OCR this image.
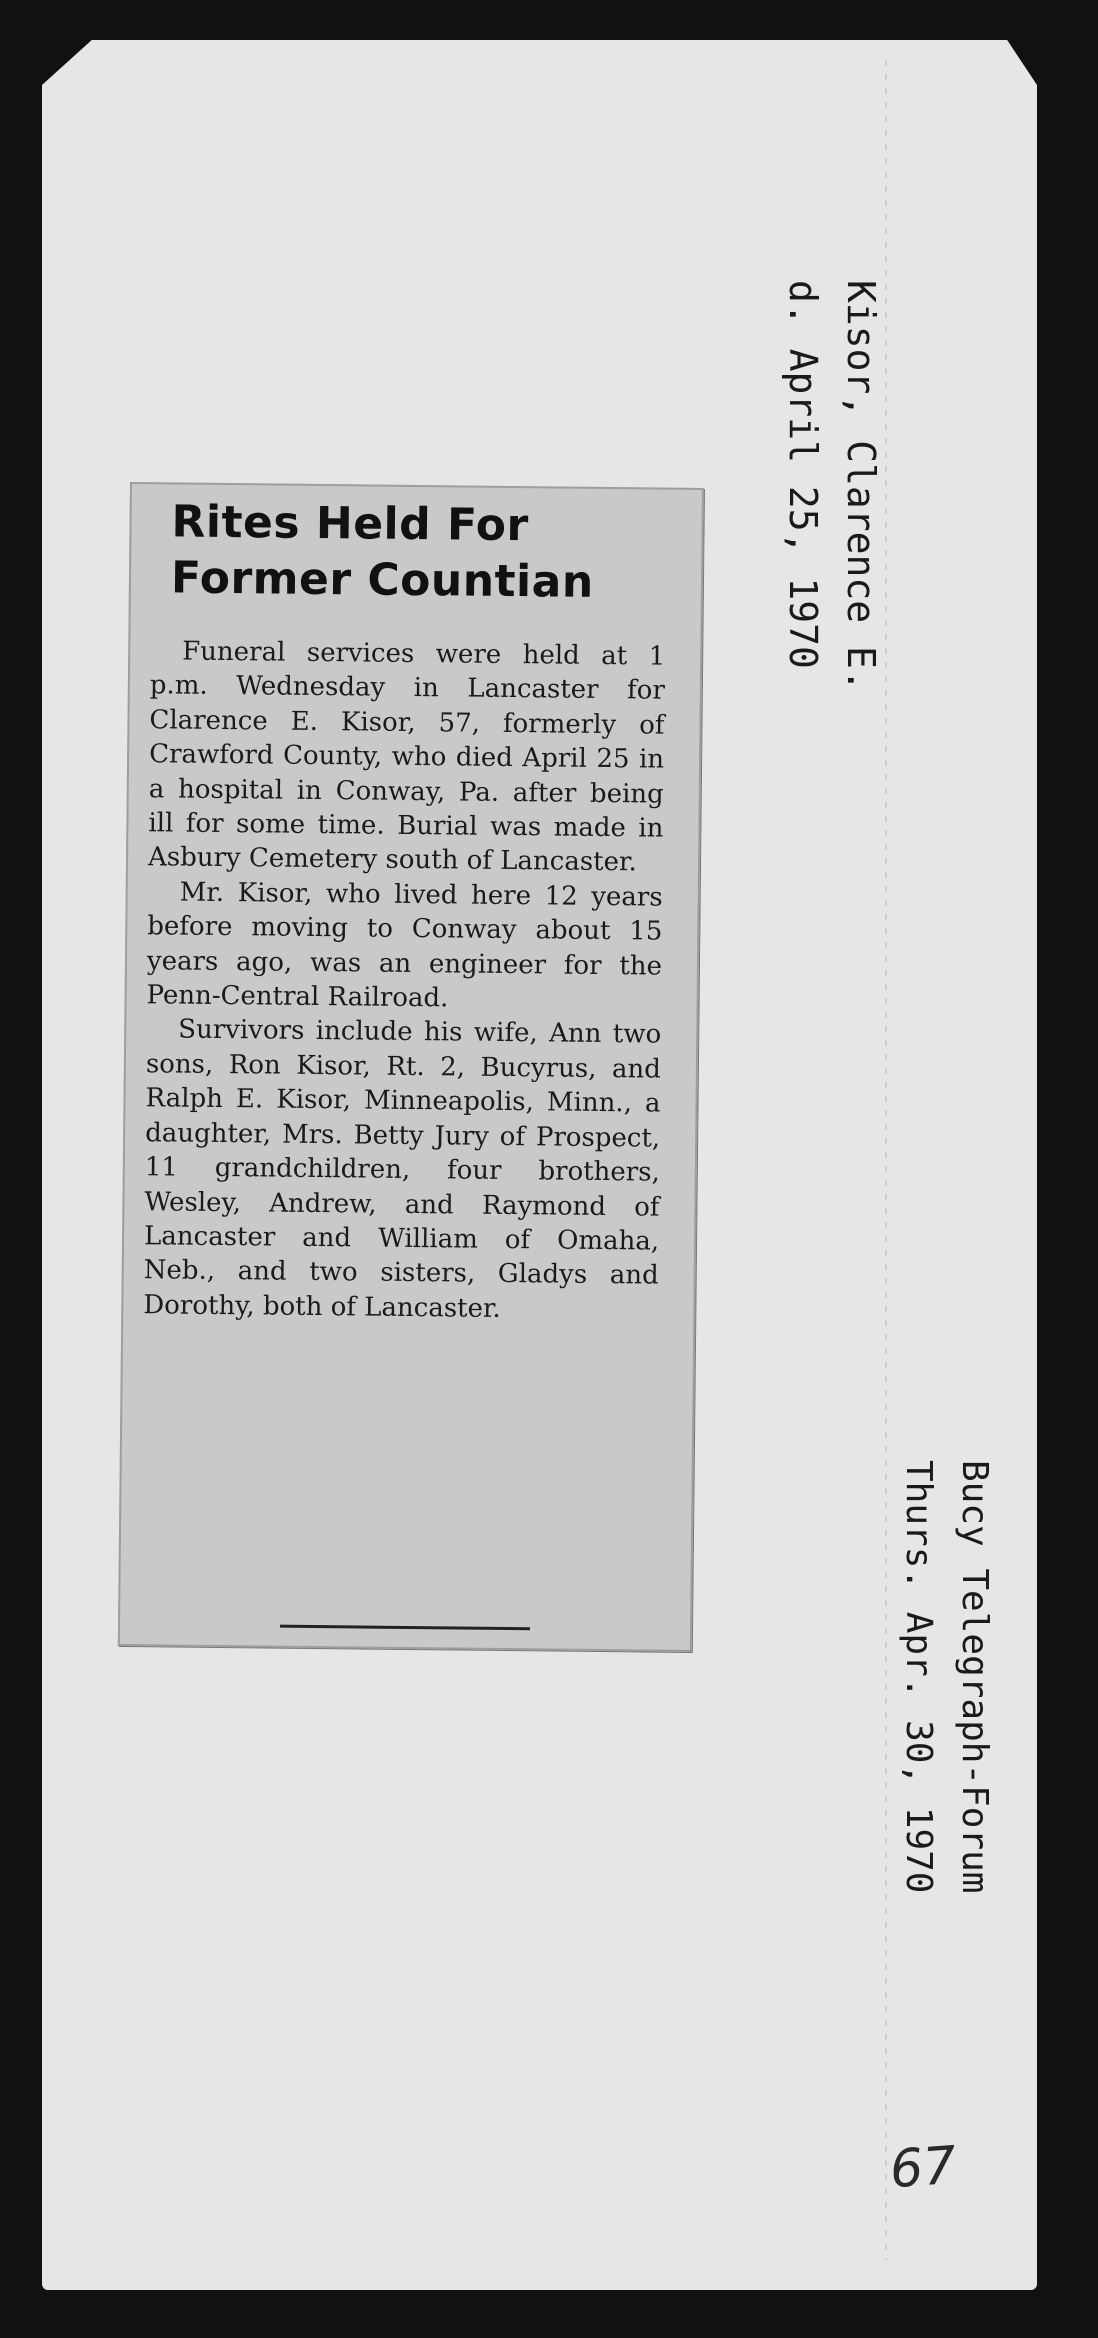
Rites Held For
Former Countian

Funeral services were held at 1 p.m. Wednesday in Lancaster for Clarence E. Kisor, 57, formerly of Crawford County, who died April 25 in a hospital in Conway, Pa. after being ill for some time. Burial was made in Asbury Cemetery south of Lancaster.

Mr. Kisor, who lived here 12 years before moving to Conway about 15 years ago, was an engineer for the Penn-Central Railroad.

Survivors include his wife, Ann two sons, Ron Kisor, Rt. 2, Bucyrus, and Ralph E. Kisor, Minneapolis, Minn., a daughter, Mrs. Betty Jury of Prospect, 11 grandchildren, four brothers, Wesley, Andrew, and Raymond of Lancaster and William of Omaha, Neb., and two sisters, Gladys and Dorothy, both of Lancaster.

Kisor, Clarence E.
d. April 25, 1970
Bucy Telegraph-Forum
Thurs. Apr. 30, 1970
67
